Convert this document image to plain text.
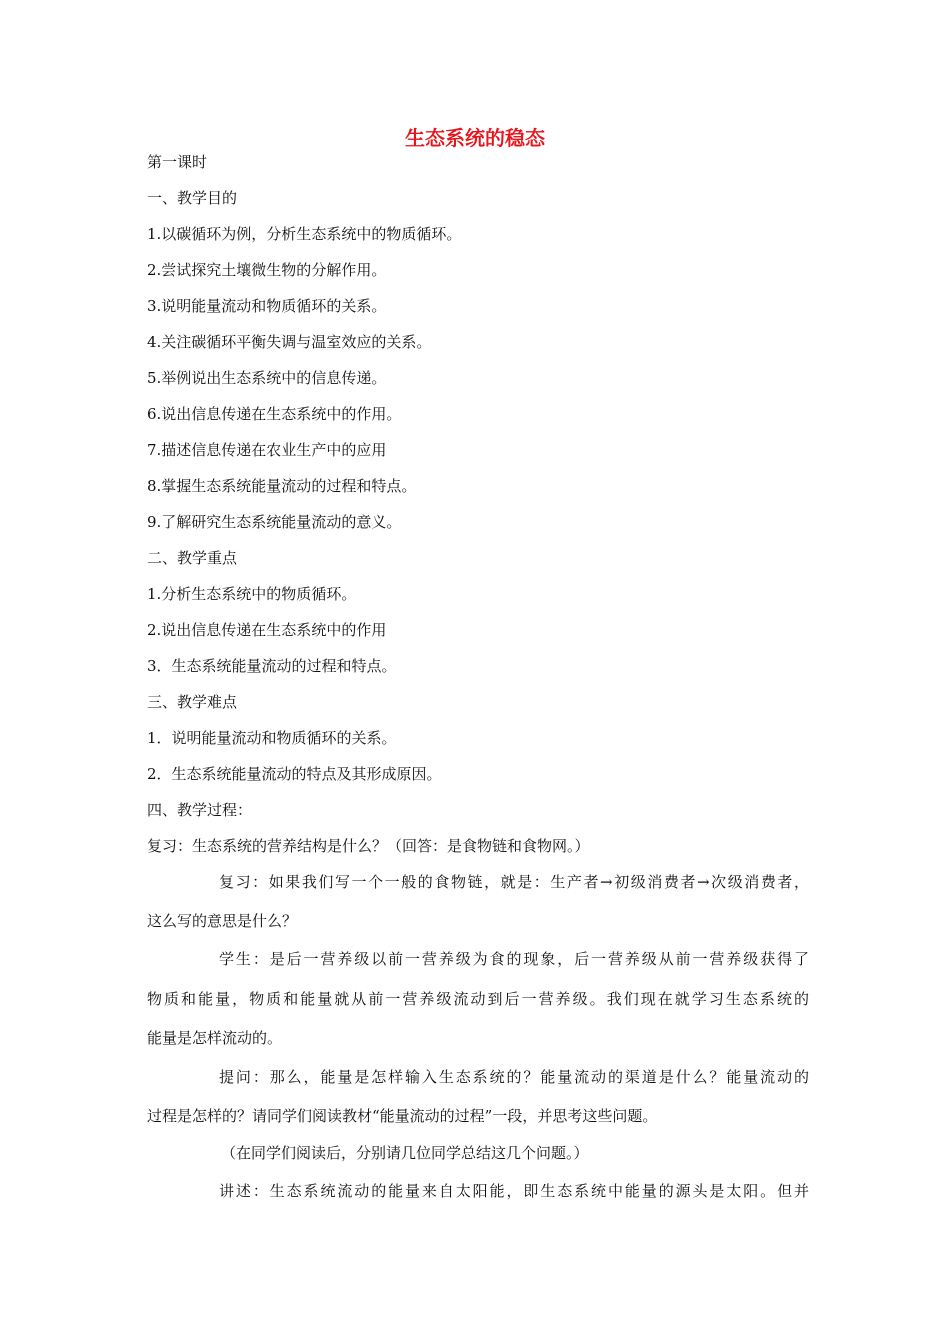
生态系统的稳态
第一课时
一、教学目的
1.以碳循环为例，分析生态系统中的物质循环。
2.尝试探究土壤微生物的分解作用。
3.说明能量流动和物质循环的关系。
4.关注碳循环平衡失调与温室效应的关系。
5.举例说出生态系统中的信息传递。
6.说出信息传递在生态系统中的作用。
7.描述信息传递在农业生产中的应用
8.掌握生态系统能量流动的过程和特点。
9.了解研究生态系统能量流动的意义。
二、教学重点
1.分析生态系统中的物质循环。
2.说出信息传递在生态系统中的作用
3．生态系统能量流动的过程和特点。
三、教学难点
1．说明能量流动和物质循环的关系。
2．生态系统能量流动的特点及其形成原因。
四、教学过程：
复习：生态系统的营养结构是什么？（回答：是食物链和食物网。）
复习：如果我们写一个一般的食物链，就是：生产者→初级消费者→次级消费者，
这么写的意思是什么？
学生：是后一营养级以前一营养级为食的现象，后一营养级从前一营养级获得了
物质和能量，物质和能量就从前一营养级流动到后一营养级。我们现在就学习生态系统的
能量是怎样流动的。
提问：那么，能量是怎样输入生态系统的？能量流动的渠道是什么？能量流动的
过程是怎样的？请同学们阅读教材“能量流动的过程”一段，并思考这些问题。
（在同学们阅读后，分别请几位同学总结这几个问题。）
讲述：生态系统流动的能量来自太阳能，即生态系统中能量的源头是太阳。但并
